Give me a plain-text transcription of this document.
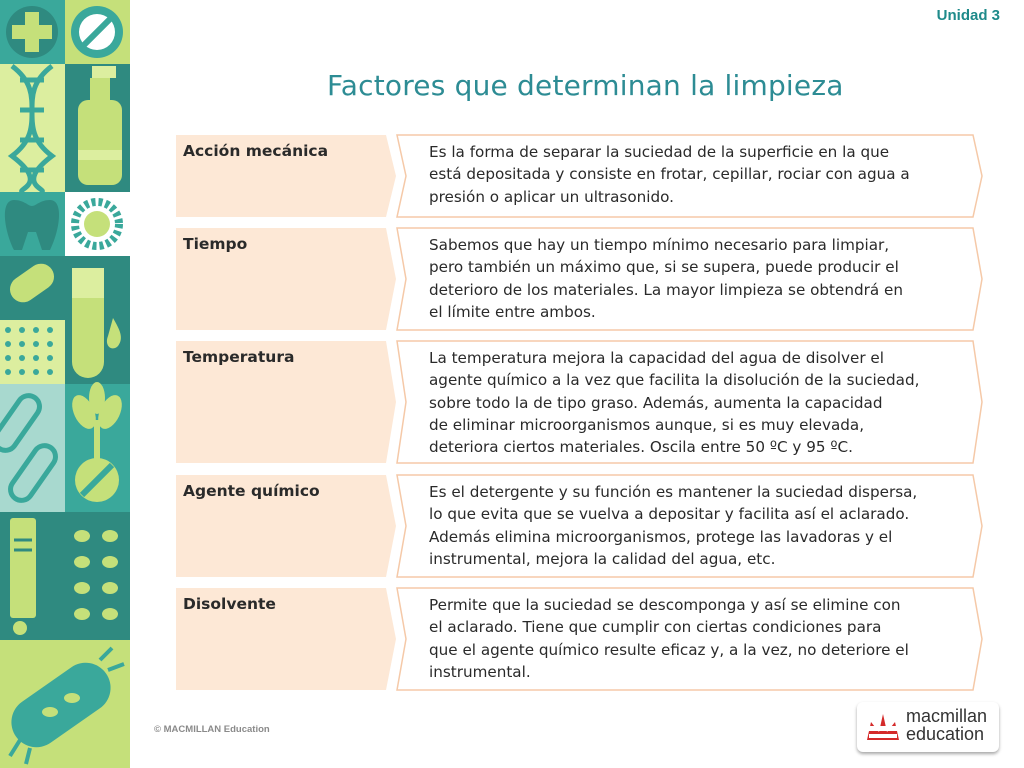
Unidad 3
Factores que determinan la limpieza
Acción mecánica	Es la forma de separar la suciedad de la superficie en la que
está depositada y consiste en frotar, cepillar, rociar con agua a
presión o aplicar un ultrasonido.
Tiempo	Sabemos que hay un tiempo mínimo necesario para limpiar,
pero también un máximo que, si se supera, puede producir el
deterioro de los materiales. La mayor limpieza se obtendrá en
el límite entre ambos.
Temperatura	La temperatura mejora la capacidad del agua de disolver el
agente químico a la vez que facilita la disolución de la suciedad,
sobre todo la de tipo graso. Además, aumenta la capacidad
de eliminar microorganismos aunque, si es muy elevada,
deteriora ciertos materiales. Oscila entre 50 ºC y 95 ºC.
Agente químico	Es el detergente y su función es mantener la suciedad dispersa,
lo que evita que se vuelva a depositar y facilita así el aclarado.
Además elimina microorganismos, protege las lavadoras y el
instrumental, mejora la calidad del agua, etc.
Disolvente	Permite que la suciedad se descomponga y así se elimine con
el aclarado. Tiene que cumplir con ciertas condiciones para
que el agente químico resulte eficaz y, a la vez, no deteriore el
instrumental.
© MACMILLAN Education
macmillan
education
